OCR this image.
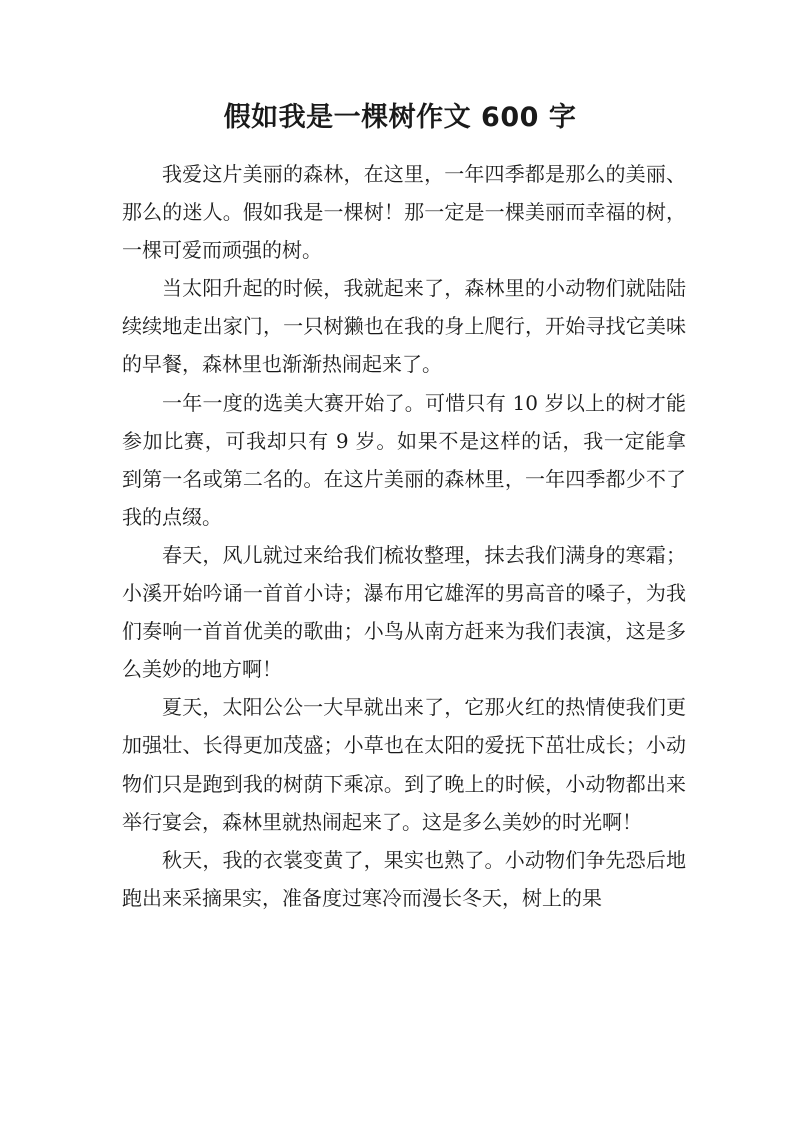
假如我是一棵树作文 600 字

我爱这片美丽的森林，在这里，一年四季都是那么的美丽、那么的迷人。假如我是一棵树！那一定是一棵美丽而幸福的树，一棵可爱而顽强的树。

当太阳升起的时候，我就起来了，森林里的小动物们就陆陆续续地走出家门，一只树獭也在我的身上爬行，开始寻找它美味的早餐，森林里也渐渐热闹起来了。

一年一度的选美大赛开始了。可惜只有 10 岁以上的树才能参加比赛，可我却只有 9 岁。如果不是这样的话，我一定能拿到第一名或第二名的。在这片美丽的森林里，一年四季都少不了我的点缀。

春天，风儿就过来给我们梳妆整理，抹去我们满身的寒霜；小溪开始吟诵一首首小诗；瀑布用它雄浑的男高音的嗓子，为我们奏响一首首优美的歌曲；小鸟从南方赶来为我们表演，这是多么美妙的地方啊！

夏天，太阳公公一大早就出来了，它那火红的热情使我们更加强壮、长得更加茂盛；小草也在太阳的爱抚下茁壮成长；小动物们只是跑到我的树荫下乘凉。到了晚上的时候，小动物都出来举行宴会，森林里就热闹起来了。这是多么美妙的时光啊！

秋天，我的衣裳变黄了，果实也熟了。小动物们争先恐后地跑出来采摘果实，准备度过寒冷而漫长冬天，树上的果
